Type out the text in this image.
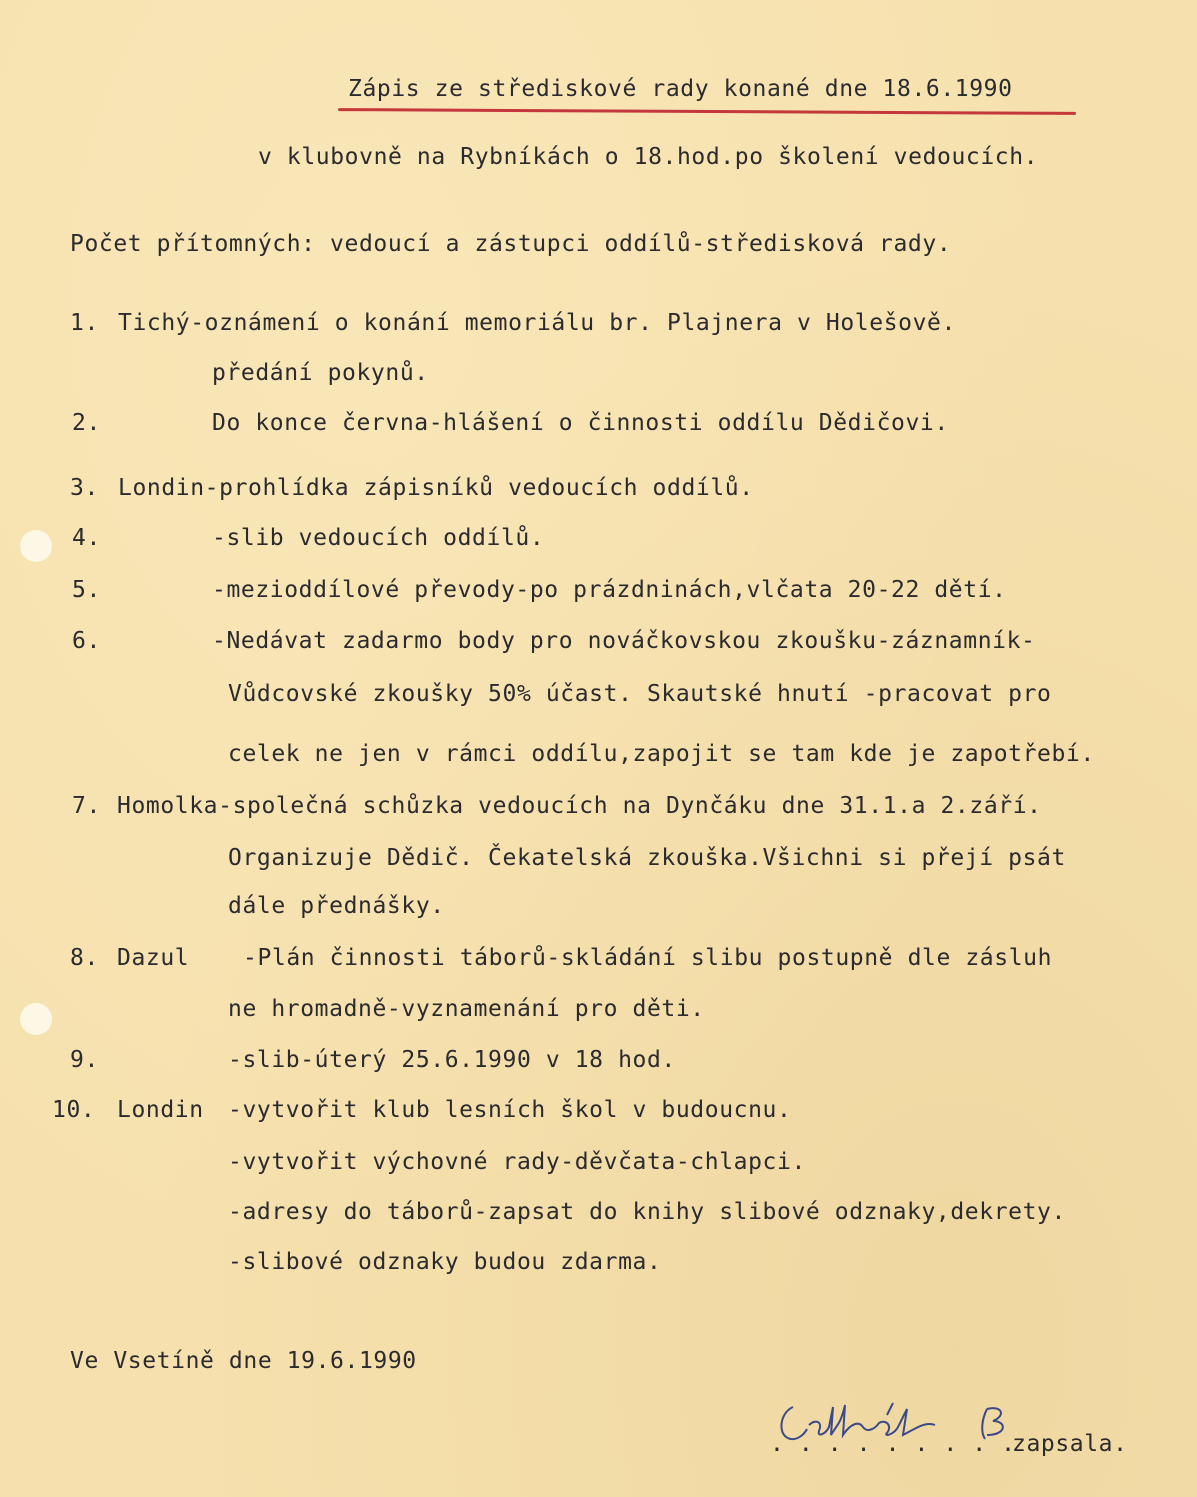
Zápis ze střediskové rady konané dne 18.6.1990
v klubovně na Rybníkách o 18.hod.po školení vedoucích.
Počet přítomných: vedoucí a zástupci oddílů-středisková rady.
1. Tichý-oznámení o konání memoriálu br. Plajnera v Holešově.
předání pokynů.
2.	Do konce června-hlášení o činnosti oddílu Dědičovi.
3. Londin-prohlídka zápisníků vedoucích oddílů.
4.	-slib vedoucích oddílů.
5.	-mezioddílové převody-po prázdninách,vlčata 20-22 dětí.
6.	-Nedávat zadarmo body pro nováčkovskou zkoušku-záznamník-
Vůdcovské zkoušky 50% účast. Skautské hnutí -pracovat pro
celek ne jen v rámci oddílu,zapojit se tam kde je zapotřebí.
7. Homolka-společná schůzka vedoucích na Dynčáku dne 31.1.a 2.září.
Organizuje Dědič. Čekatelská zkouška.Všichni si přejí psát
dále přednášky.
8. Dazul -Plán činnosti táborů-skládání slibu postupně dle zásluh
ne hromadně-vyznamenání pro děti.
9.	-slib-úterý 25.6.1990 v 18 hod.
10. Londin -vytvořit klub lesních škol v budoucnu.
-vytvořit výchovné rady-děvčata-chlapci.
-adresy do táborů-zapsat do knihy slibové odznaky,dekrety.
-slibové odznaky budou zdarma.
Ve Vsetíně dne 19.6.1990
. . . . . . . . .
zapsala.
